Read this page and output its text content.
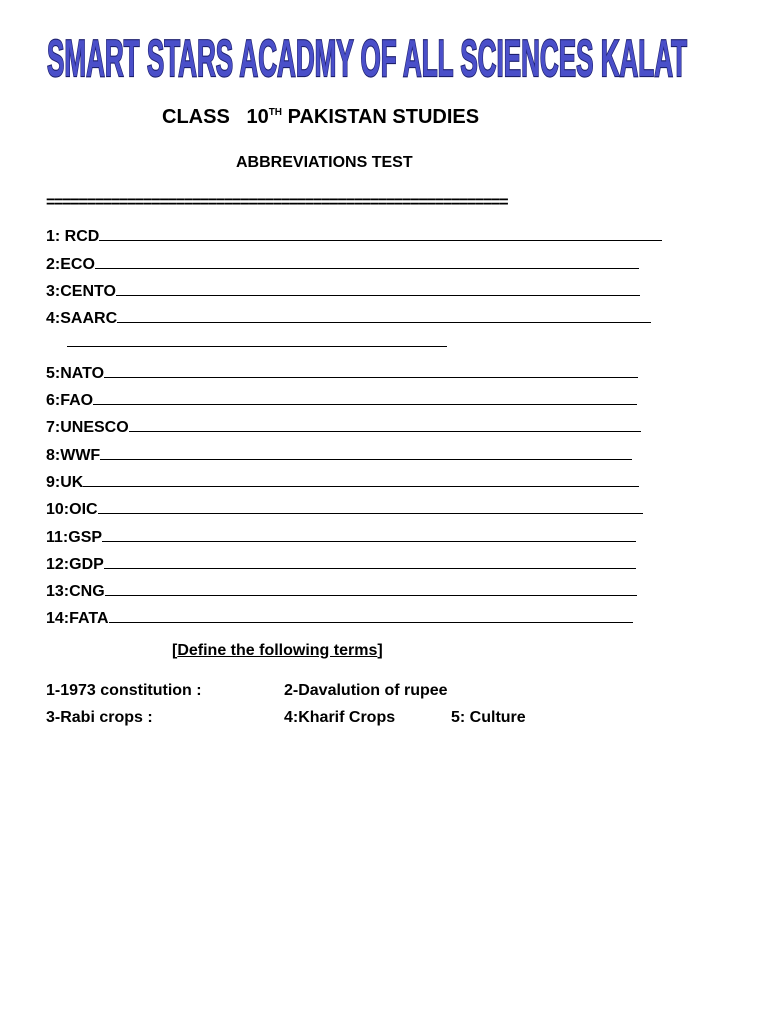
SMART STARS ACADMY OF ALL SCIENCES KALAT
CLASS   10TH PAKISTAN STUDIES
ABBREVIATIONS TEST
=========================================================
1: RCD
2:ECO
3:CENTO
4:SAARC
5:NATO
6:FAO
7:UNESCO
8:WWF
9:UK
10:OIC
11:GSP
12:GDP
13:CNG
14:FATA
[Define the following terms]
1-1973 constitution :	2-Davalution of rupee
3-Rabi crops :	4:Kharif Crops	5: Culture
